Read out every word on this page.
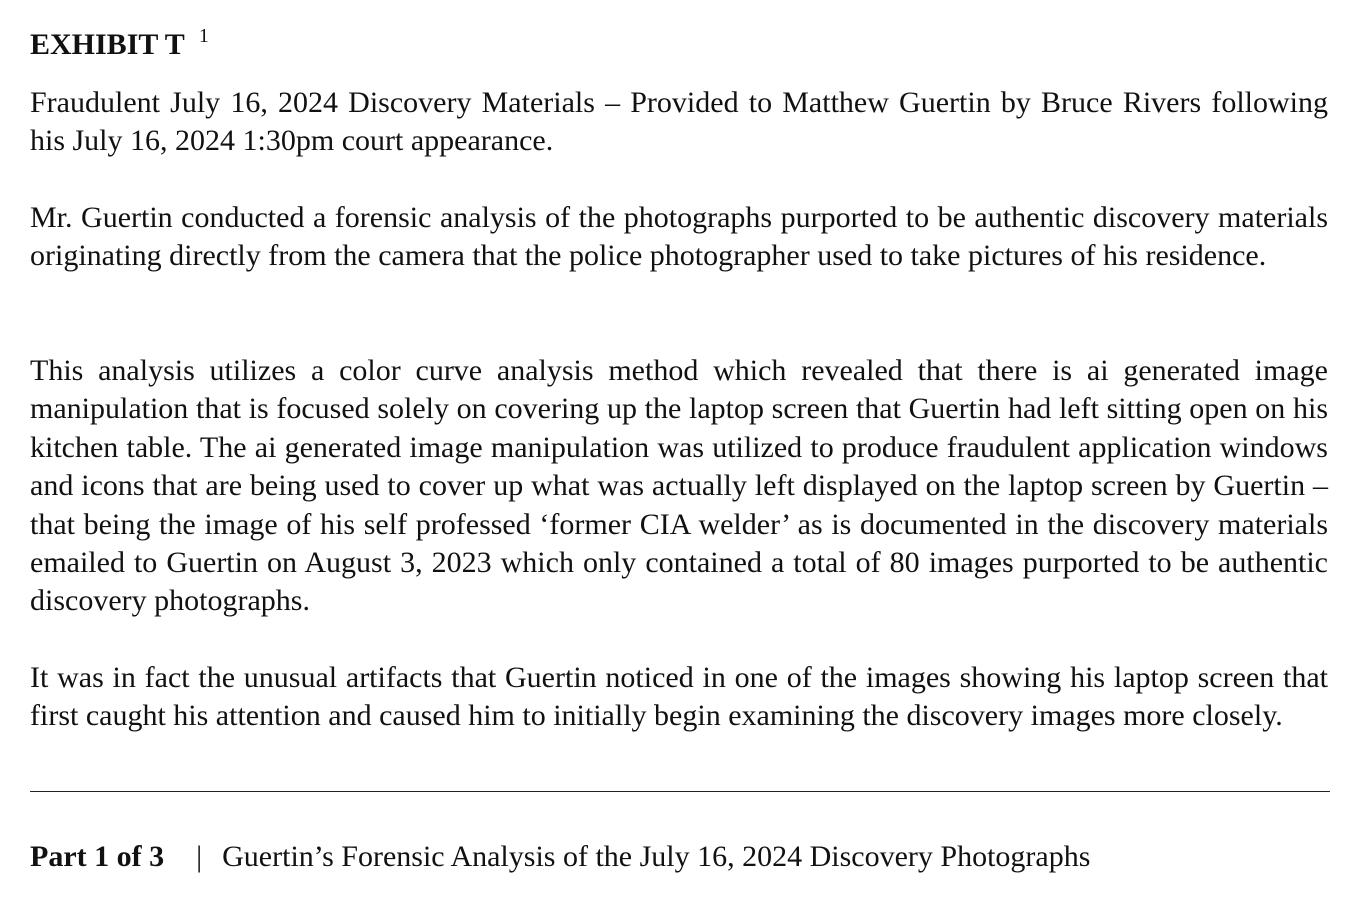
EXHIBIT T $^1$

Fraudulent July 16, 2024 Discovery Materials – Provided to Matthew Guertin by Bruce Rivers following his July 16, 2024 1:30pm court appearance.

Mr. Guertin conducted a forensic analysis of the photographs purported to be authentic discovery materials originating directly from the camera that the police photographer used to take pictures of his residence.

This analysis utilizes a color curve analysis method which revealed that there is ai generated image manipulation that is focused solely on covering up the laptop screen that Guertin had left sitting open on his kitchen table. The ai generated image manipulation was utilized to produce fraudulent application windows and icons that are being used to cover up what was actually left displayed on the laptop screen by Guertin – that being the image of his self professed ‘former CIA welder’ as is documented in the discovery materials emailed to Guertin on August 3, 2023 which only contained a total of 80 images purported to be authentic discovery photographs.

It was in fact the unusual artifacts that Guertin noticed in one of the images showing his laptop screen that first caught his attention and caused him to initially begin examining the discovery images more closely.

Part 1 of 3 | Guertin’s Forensic Analysis of the July 16, 2024 Discovery Photographs
